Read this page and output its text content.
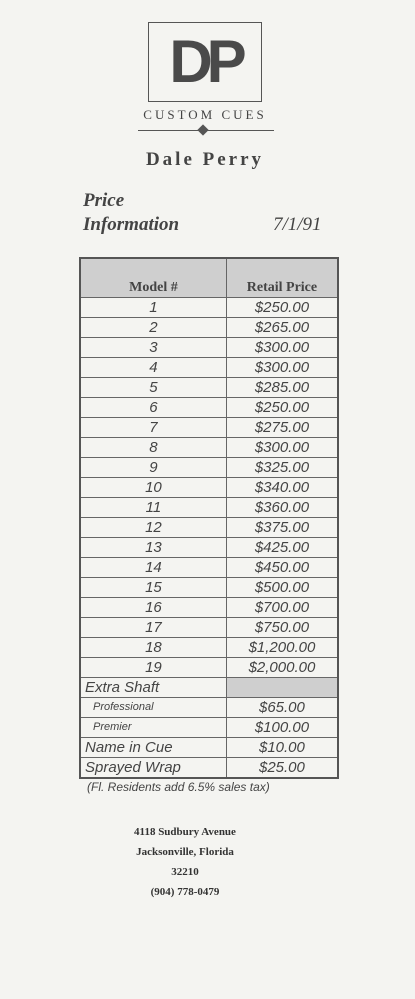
DP
CUSTOM CUES
Dale Perry
Price
Information	7/1/91
Model #	Retail Price
1	$250.00
2	$265.00
3	$300.00
4	$300.00
5	$285.00
6	$250.00
7	$275.00
8	$300.00
9	$325.00
10	$340.00
11	$360.00
12	$375.00
13	$425.00
14	$450.00
15	$500.00
16	$700.00
17	$750.00
18	$1,200.00
19	$2,000.00
Extra Shaft	
Professional	$65.00
Premier	$100.00
Name in Cue	$10.00
Sprayed Wrap	$25.00
(Fl. Residents add 6.5% sales tax)
4118 Sudbury Avenue
Jacksonville, Florida
32210
(904) 778-0479
